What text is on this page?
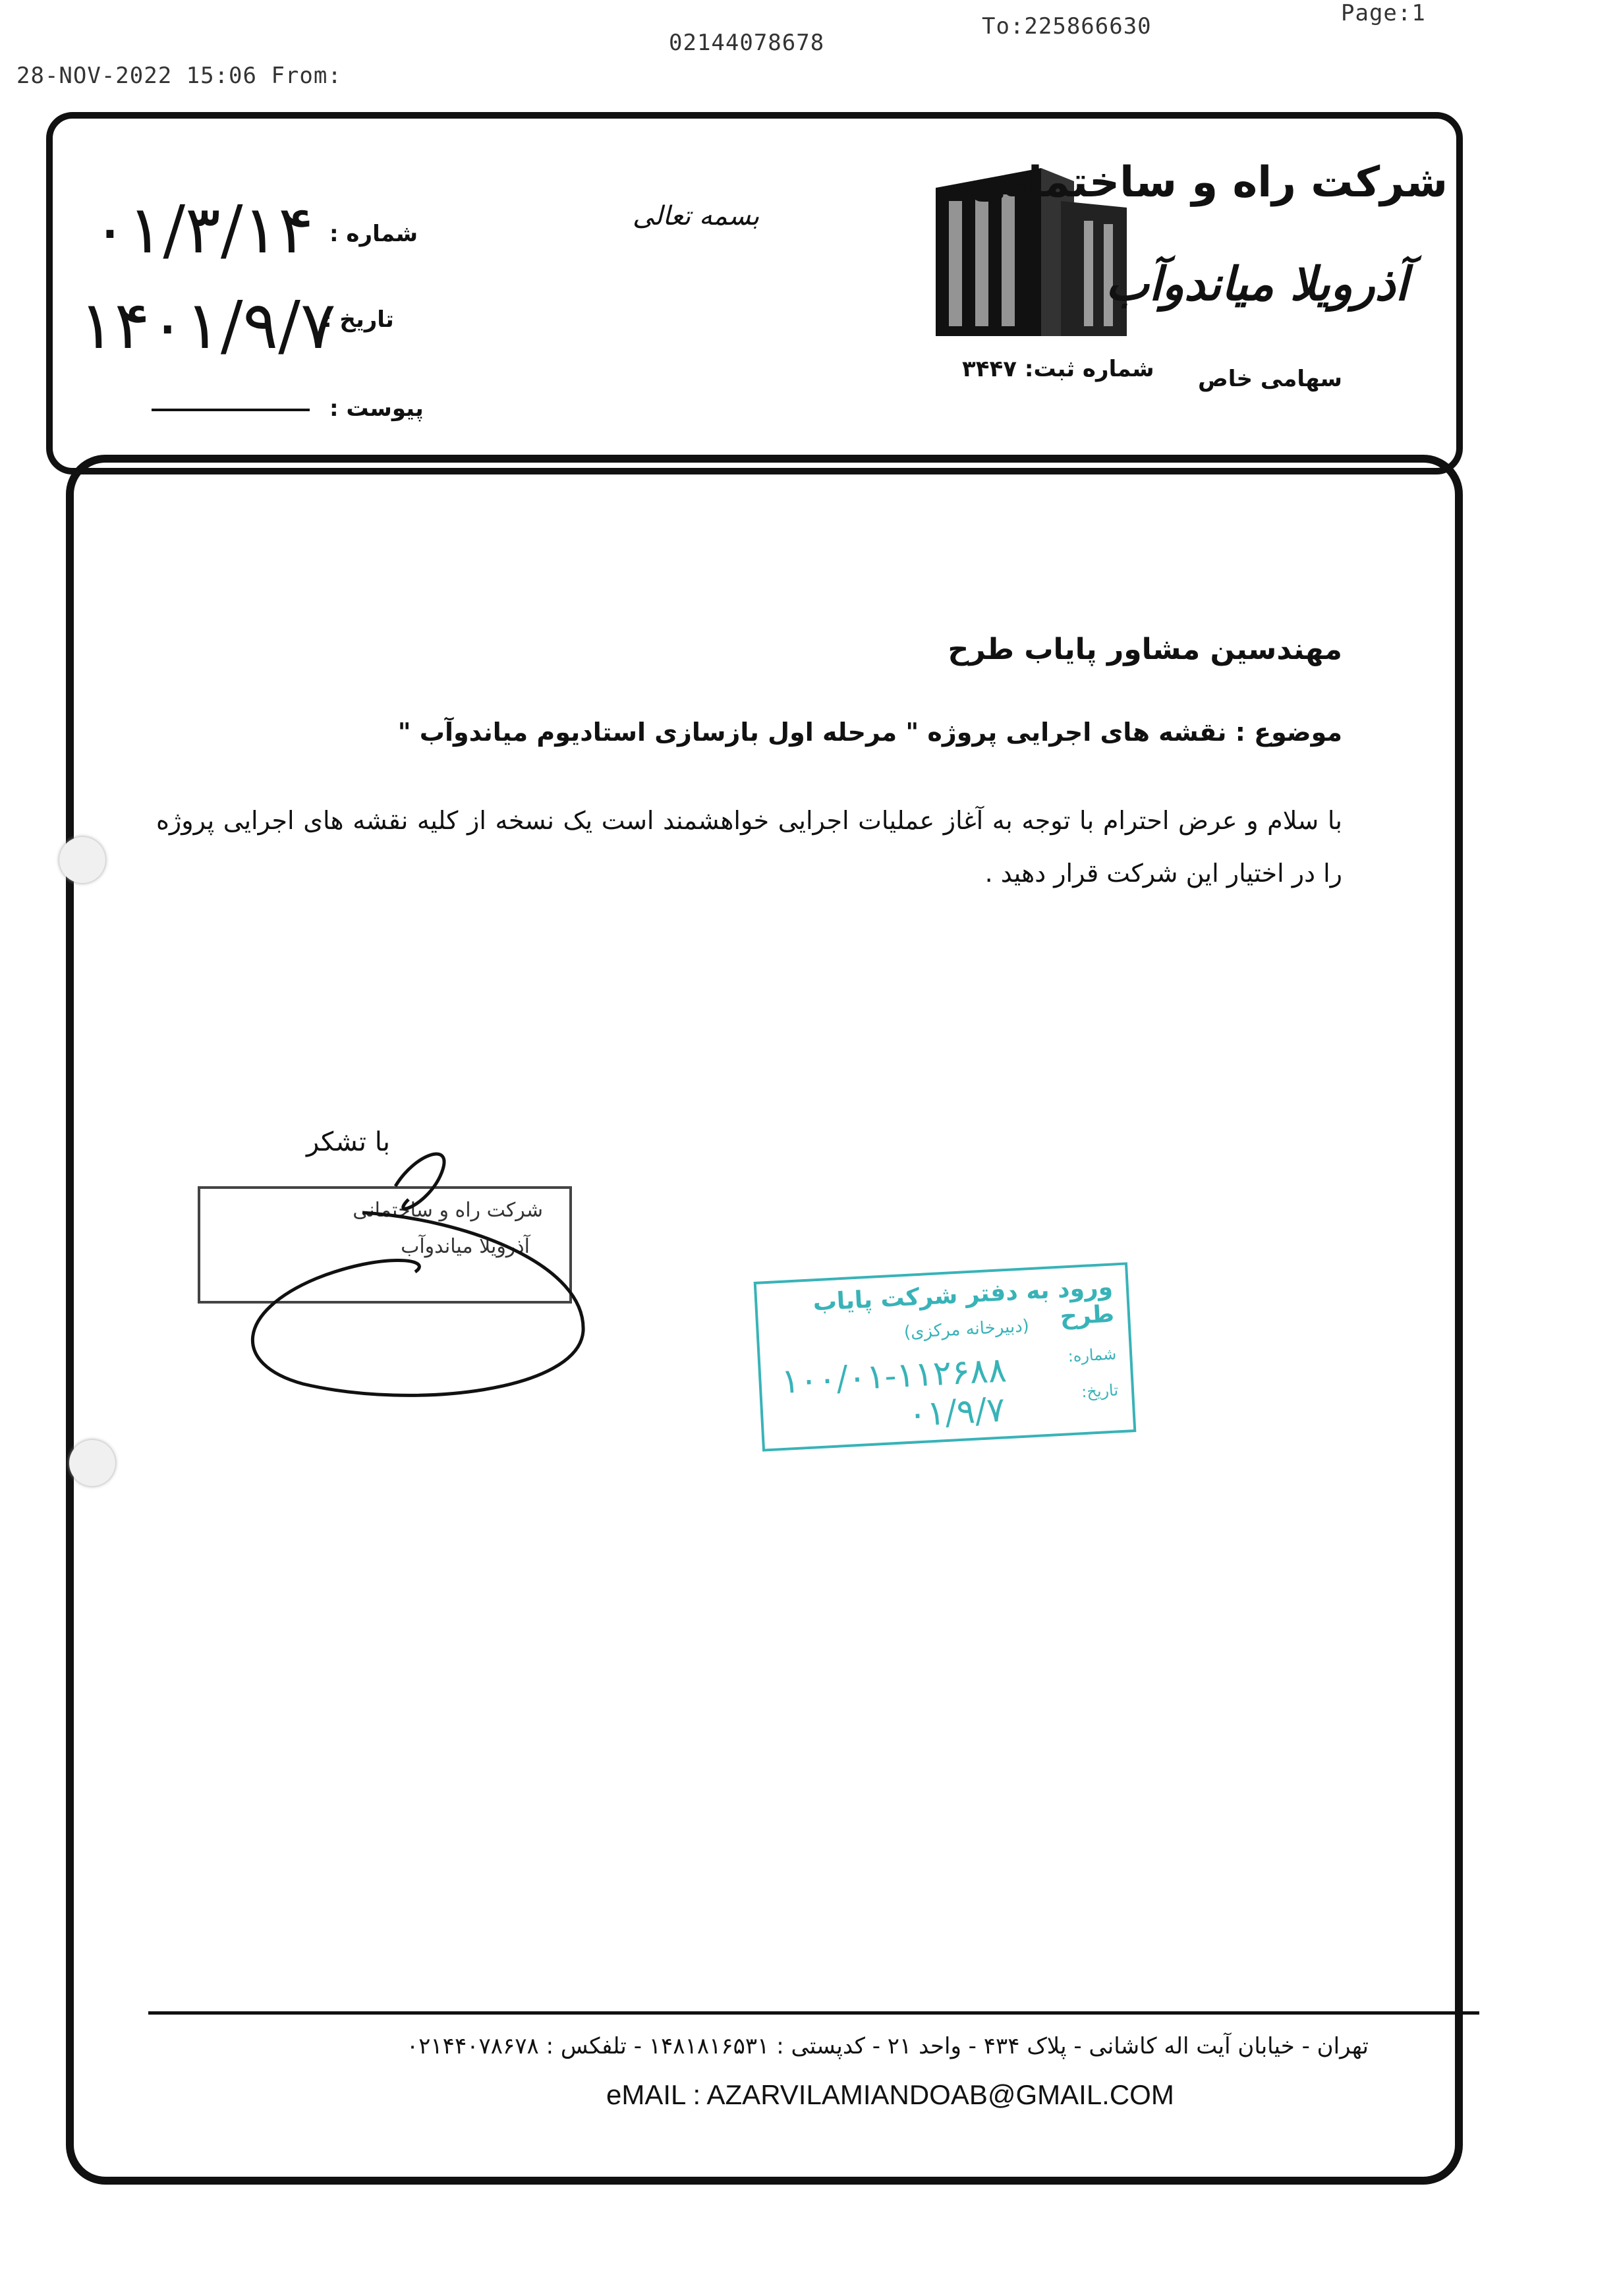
28-NOV-2022 15:06 From:
02144078678
To:225866630	Page:1
شرکت راه و ساختمانی
آذرویلا میاندوآب
سهامی خاص
شماره ثبت: ۳۴۴۷
بسمه تعالی
شماره :
تاریخ :
پیوست :
۰۱/۳/۱۴
۱۴۰۱/۹/۷
مهندسین مشاور پایاب طرح
موضوع : نقشه های اجرایی پروژه " مرحله اول بازسازی استادیوم میاندوآب "
با سلام و عرض احترام با توجه به آغاز عملیات اجرایی خواهشمند است یک نسخه از کلیه نقشه های اجرایی پروژه را در اختیار این شرکت قرار دهید .
با تشکر
شرکت راه و ساختمانی
آذرویلا میاندوآب
ورود به دفتر شرکت پایاب طرح
(دبیرخانه مرکزی)
شماره:
تاریخ:
۱۰۰/۰۱-۱۱۲۶۸۸
۰۱/۹/۷
تهران - خیابان آیت اله کاشانی - پلاک ۴۳۴ - واحد ۲۱ - کدپستی : ۱۴۸۱۸۱۶۵۳۱ - تلفکس : ۰۲۱۴۴۰۷۸۶۷۸
eMAIL : AZARVILAMIANDOAB@GMAIL.COM
